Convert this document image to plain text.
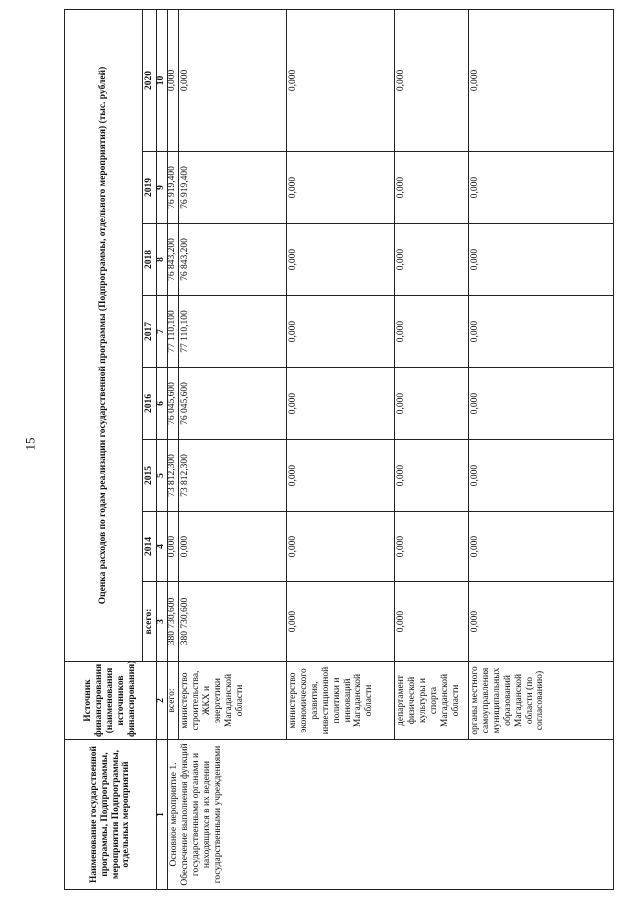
15
Наименование государственной программы, Подпрограммы, мероприятия Подпрограммы, отдельных мероприятий	Источник финансирования (наименования источников финансирования)	Оценка расходов по годам реализации государственной программы (Подпрограммы, отдельного мероприятия) (тыс. рублей)							
		всего:	2014	2015	2016	2017	2018	2019	2020
1	2	3	4	5	6	7	8	9	10
Основное мероприятие 1. Обеспечение выполнения функций государственными органами и находящихся в их ведении государственными учреждениями	всего:	380 730,600	0,000	73 812,300	76 045,600	77 110,100	76 843,200	76 919,400	0,000
	министерство строительства, ЖКХ и энергетики Магаданской области	380 730,600	0,000	73 812,300	76 045,600	77 110,100	76 843,200	76 919,400	0,000
	министерство экономического развития, инвестиционной политики и инноваций Магаданской области	0,000	0,000	0,000	0,000	0,000	0,000	0,000	0,000
	департамент физической культуры и спорта Магаданской области	0,000	0,000	0,000	0,000	0,000	0,000	0,000	0,000
	органы местного самоуправления муниципальных образований Магаданской области (по согласованию)	0,000	0,000	0,000	0,000	0,000	0,000	0,000	0,000
